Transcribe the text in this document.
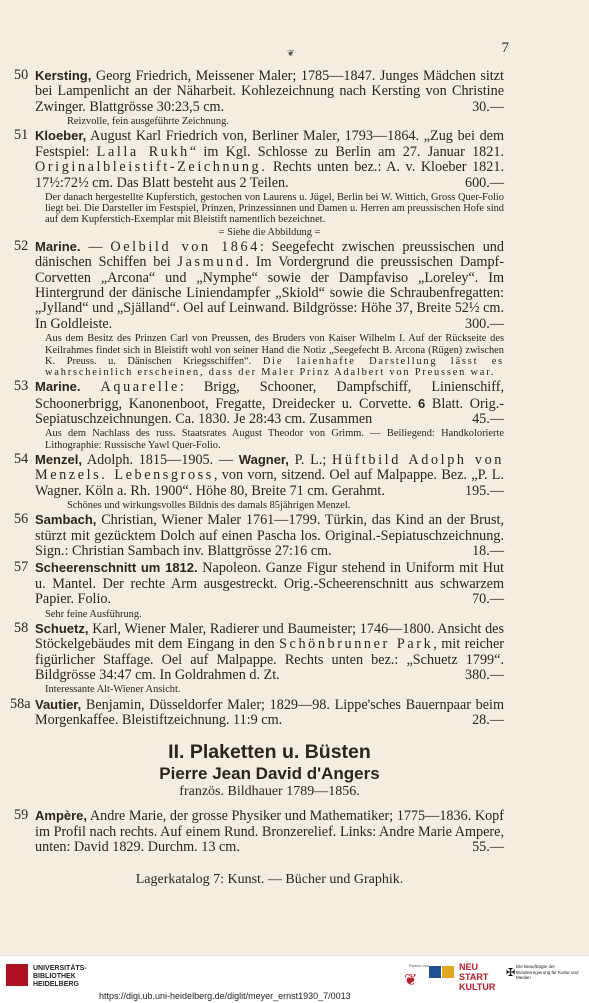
7
❦
50 Kersting, Georg Friedrich, Meissener Maler; 1785—1847. Junges Mädchen sitzt bei Lampenlicht an der Näharbeit. Kohlezeichnung nach Kersting von Christine Zwinger. Blattgrösse 30:23,5 cm.	30.—
Reizvolle, fein ausgeführte Zeichnung.
51 Kloeber, August Karl Friedrich von, Berliner Maler, 1793—1864. „Zug bei dem Festspiel: Lalla Rukh“ im Kgl. Schlosse zu Berlin am 27. Januar 1821. Originalbleistift-Zeichnung. Rechts unten bez.: A. v. Kloeber 1821. 17½:72½ cm. Das Blatt besteht aus 2 Teilen.	600.—
Der danach hergestellte Kupferstich, gestochen von Laurens u. Jügel, Berlin bei W. Wittich, Gross Quer-Folio liegt bei. Die Darsteller im Festspiel, Prinzen, Prinzessinnen und Damen u. Herren am preussischen Hofe sind auf dem Kupferstich-Exemplar mit Bleistift namentlich bezeichnet.
= Siehe die Abbildung =
52 Marine. — Oelbild von 1864: Seegefecht zwischen preussischen und dänischen Schiffen bei Jasmund. Im Vordergrund die preussischen Dampf-Corvetten „Arcona“ und „Nymphe“ sowie der Dampfaviso „Loreley“. Im Hintergrund der dänische Liniendampfer „Skiold“ sowie die Schraubenfregatten: „Jylland“ und „Själland“. Oel auf Leinwand. Bildgrösse: Höhe 37, Breite 52½ cm. In Goldleiste.	300.—
Aus dem Besitz des Prinzen Carl von Preussen, des Bruders von Kaiser Wilhelm I. Auf der Rückseite des Keilrahmes findet sich in Bleistift wohl von seiner Hand die Notiz „Seegefecht B. Arcona (Rügen) zwischen K. Preuss. u. Dänischen Kriegsschiffen“. Die laienhafte Darstellung lässt es wahrscheinlich erscheinen, dass der Maler Prinz Adalbert von Preussen war.
53 Marine. Aquarelle: Brigg, Schooner, Dampfschiff, Linienschiff, Schoonerbrigg, Kanonenboot, Fregatte, Dreidecker u. Corvette. 6 Blatt. Orig.-Sepiatuschzeichnungen. Ca. 1830. Je 28:43 cm. Zusammen	45.—
Aus dem Nachlass des russ. Staatsrates August Theodor von Grimm. — Beiliegend: Handkolorierte Lithographie: Russische Yawl Quer-Folio.
54 Menzel, Adolph. 1815—1905. — Wagner, P. L.; Hüftbild Adolph von Menzels. Lebensgross, von vorn, sitzend. Oel auf Malpappe. Bez. „P. L. Wagner. Köln a. Rh. 1900“. Höhe 80, Breite 71 cm. Gerahmt.	195.—
Schönes und wirkungsvolles Bildnis des damals 85jährigen Menzel.
56 Sambach, Christian, Wiener Maler 1761—1799. Türkin, das Kind an der Brust, stürzt mit gezücktem Dolch auf einen Pascha los. Original.-Sepiatuschzeichnung. Sign.: Christian Sambach inv. Blattgrösse 27:16 cm.	18.—
57 Scheerenschnitt um 1812. Napoleon. Ganze Figur stehend in Uniform mit Hut u. Mantel. Der rechte Arm ausgestreckt. Orig.-Scheerenschnitt aus schwarzem Papier. Folio.	70.—
Sehr feine Ausführung.
58 Schuetz, Karl, Wiener Maler, Radierer und Baumeister; 1746—1800. Ansicht des Stöckelgebäudes mit dem Eingang in den Schönbrunner Park, mit reicher figürlicher Staffage. Oel auf Malpappe. Rechts unten bez.: „Schuetz 1799“. Bildgrösse 34:47 cm. In Goldrahmen d. Zt.	380.—
Interessante Alt-Wiener Ansicht.
58a Vautier, Benjamin, Düsseldorfer Maler; 1829—98. Lippe'sches Bauernpaar beim Morgenkaffee. Bleistiftzeichnung. 11:9 cm.	28.—
II. Plaketten u. Büsten
Pierre Jean David d'Angers
französ. Bildhauer 1789—1856.
59 Ampère, Andre Marie, der grosse Physiker und Mathematiker; 1775—1836. Kopf im Profil nach rechts. Auf einem Rund. Bronzerelief. Links: Andre Marie Ampere, unten: David 1829. Durchm. 13 cm.	55.—
Lagerkatalog 7: Kunst. — Bücher und Graphik.
UNIVERSITÄTS-
BIBLIOTHEK
HEIDELBERG
https://digi.ub.uni-heidelberg.de/diglit/meyer_ernst1930_7/0013
Partner von
❦
NEU
START
KULTUR
✠
Die Beauftragte der Bundesregierung für Kultur und Medien
